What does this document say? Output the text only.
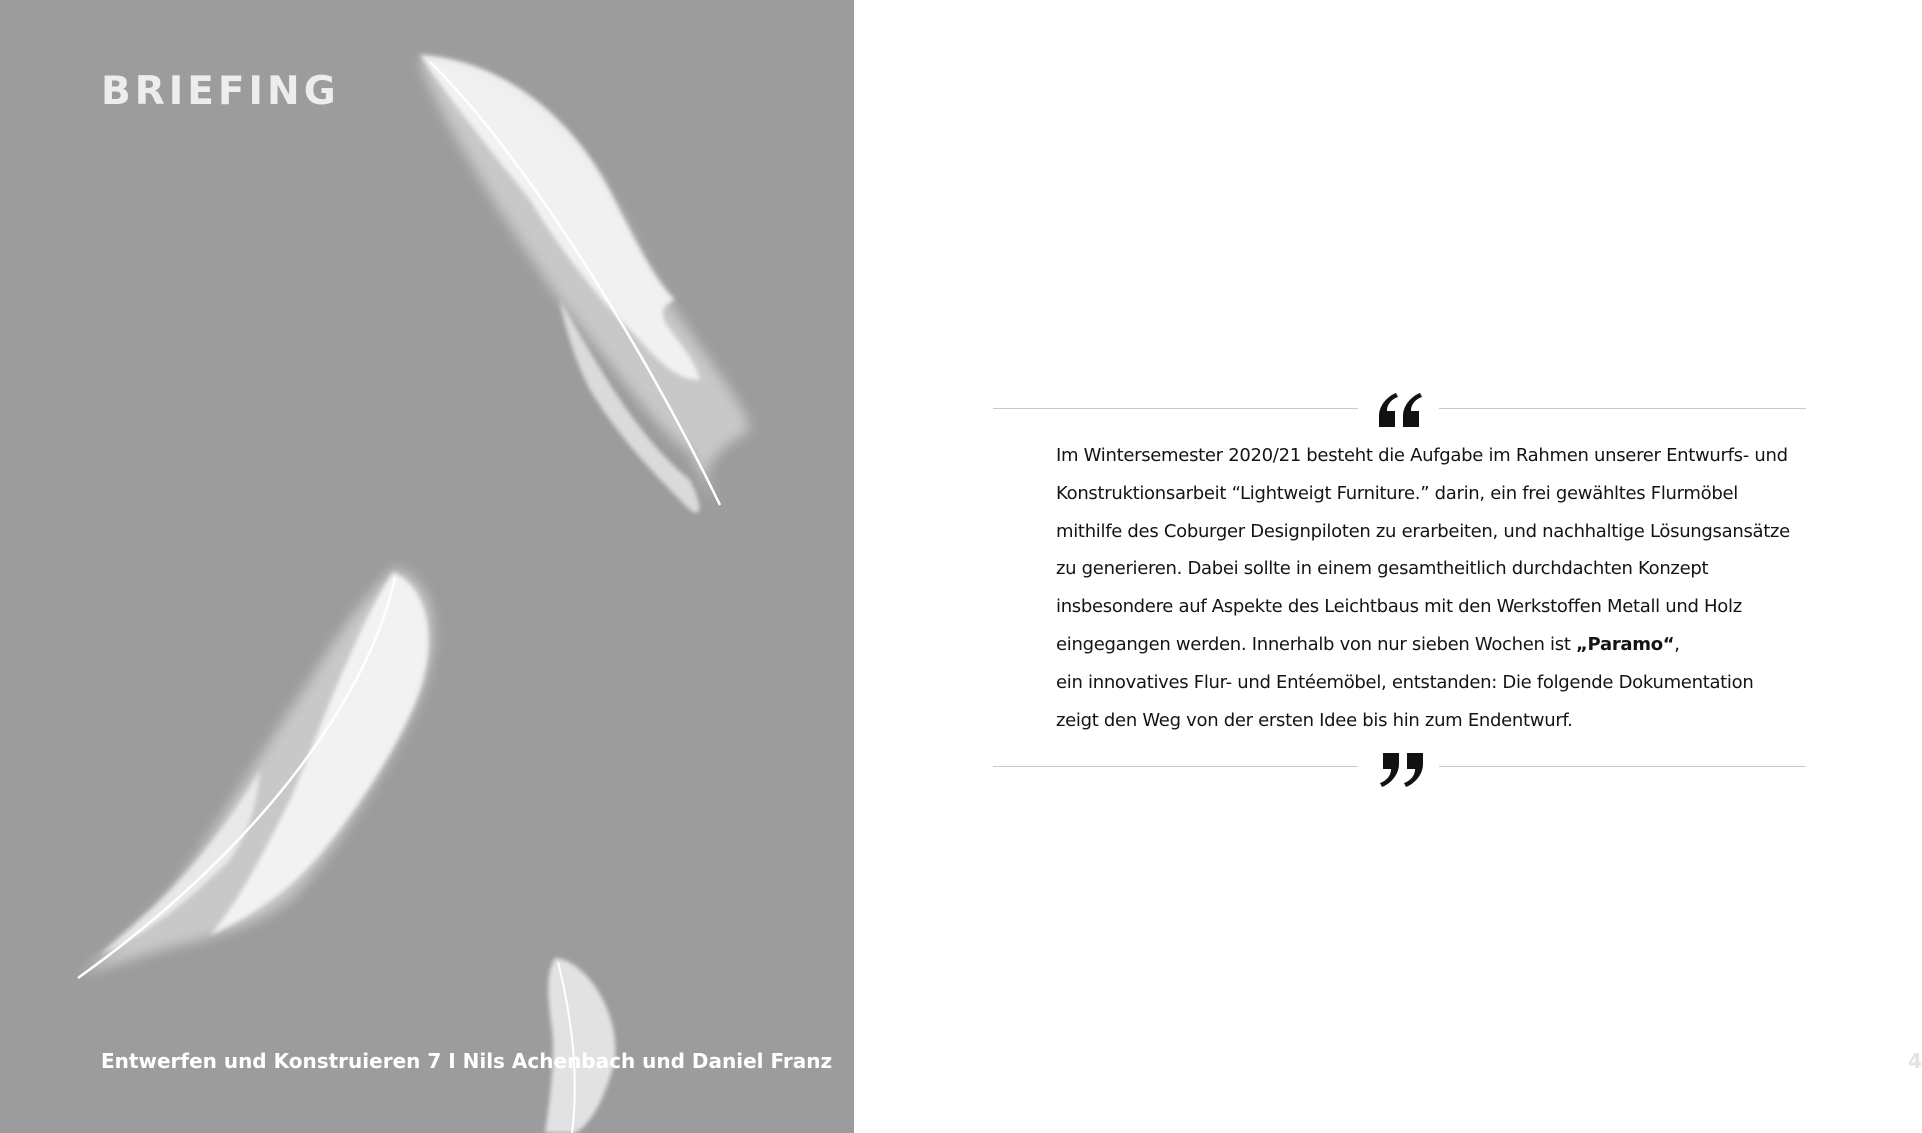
BRIEFING

Entwerfen und Konstruieren 7 I Nils Achenbach und Daniel Franz

Im Wintersemester 2020/21 besteht die Aufgabe im Rahmen unserer Entwurfs- und
Konstruktionsarbeit “Lightweigt Furniture.” darin, ein frei gewähltes Flurmöbel
mithilfe des Coburger Designpiloten zu erarbeiten, und nachhaltige Lösungsansätze
zu generieren. Dabei sollte in einem gesamtheitlich durchdachten Konzept
insbesondere auf Aspekte des Leichtbaus mit den Werkstoffen Metall und Holz
eingegangen werden. Innerhalb von nur sieben Wochen ist „Paramo“,
ein innovatives Flur- und Entéemöbel, entstanden: Die folgende Dokumentation
zeigt den Weg von der ersten Idee bis hin zum Endentwurf.

4
